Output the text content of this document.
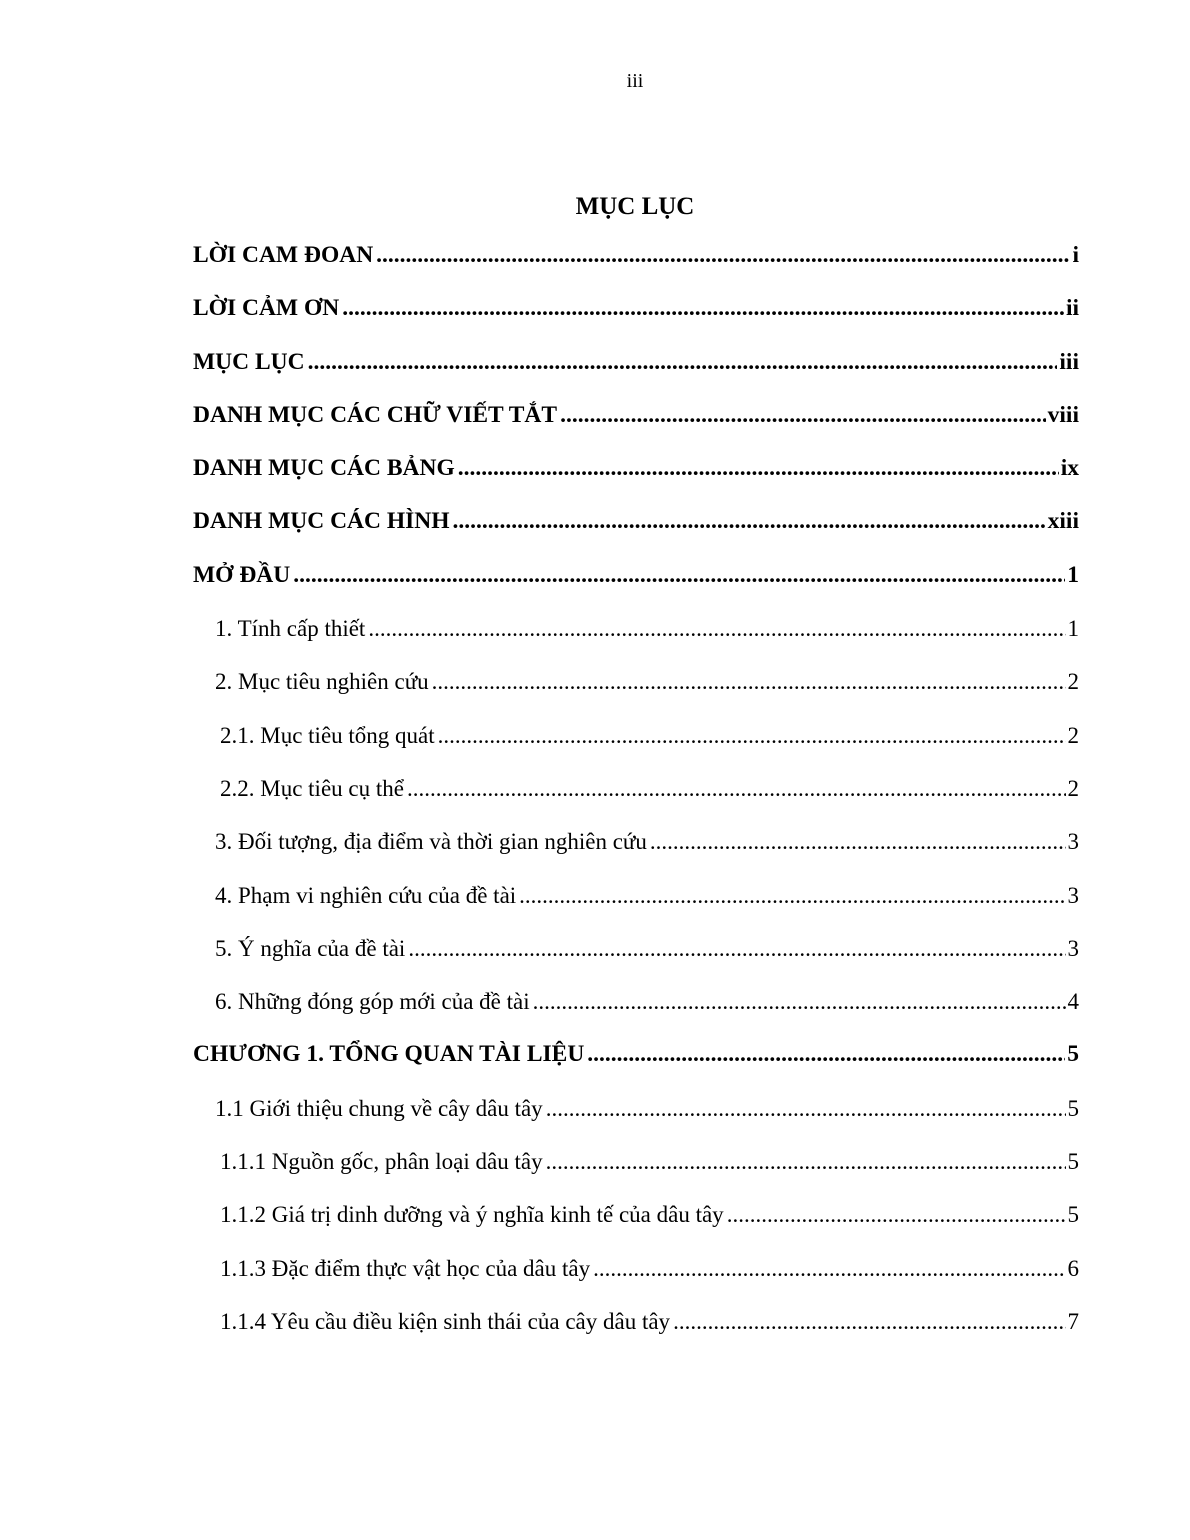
iii
MỤC LỤC
LỜI CAM ĐOAN .....	i
LỜI CẢM ƠN .....	ii
MỤC LỤC .....	iii
DANH MỤC CÁC CHỮ VIẾT TẮT .....	viii
DANH MỤC CÁC BẢNG .....	ix
DANH MỤC CÁC HÌNH .....	xiii
MỞ ĐẦU .....	1
1. Tính cấp thiết .....	1
2. Mục tiêu nghiên cứu .....	2
2.1. Mục tiêu tổng quát .....	2
2.2. Mục tiêu cụ thể .....	2
3. Đối tượng, địa điểm và thời gian nghiên cứu .....	3
4. Phạm vi nghiên cứu của đề tài .....	3
5. Ý nghĩa của đề tài .....	3
6. Những đóng góp mới của đề tài .....	4
CHƯƠNG 1. TỔNG QUAN TÀI LIỆU .....	5
1.1 Giới thiệu chung về cây dâu tây .....	5
1.1.1 Nguồn gốc, phân loại dâu tây .....	5
1.1.2 Giá trị dinh dưỡng và ý nghĩa kinh tế của dâu tây .....	5
1.1.3 Đặc điểm thực vật học của dâu tây .....	6
1.1.4 Yêu cầu điều kiện sinh thái của cây dâu tây .....	7
